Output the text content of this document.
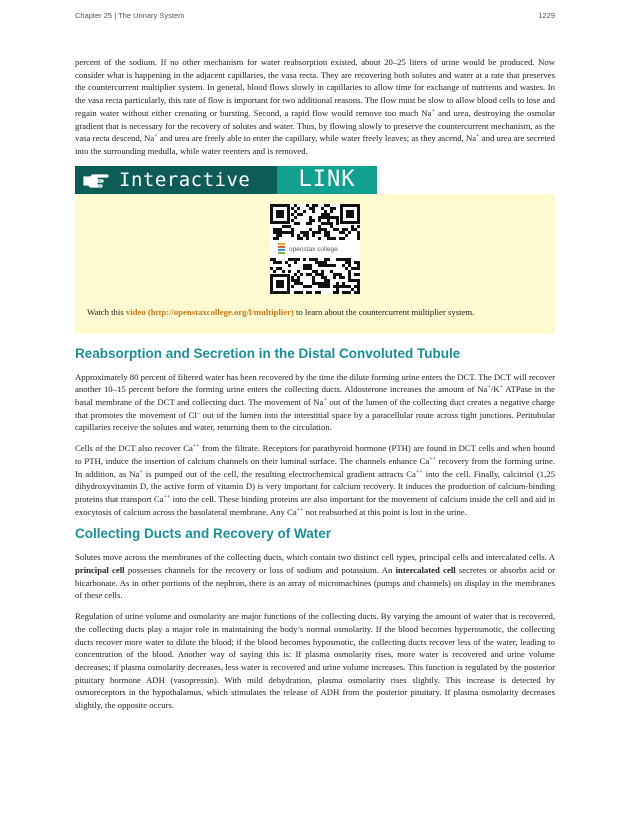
Chapter 25 | The Urinary System	1229

percent of the sodium. If no other mechanism for water reabsorption existed, about 20–25 liters of urine would be produced. Now consider what is happening in the adjacent capillaries, the vasa recta. They are recovering both solutes and water at a rate that preserves the countercurrent multiplier system. In general, blood flows slowly in capillaries to allow time for exchange of nutrients and wastes. In the vasa recta particularly, this rate of flow is important for two additional reasons. The flow must be slow to allow blood cells to lose and regain water without either crenating or bursting. Second, a rapid flow would remove too much Na+ and urea, destroying the osmolar gradient that is necessary for the recovery of solutes and water. Thus, by flowing slowly to preserve the countercurrent mechanism, as the vasa recta descend, Na+ and urea are freely able to enter the capillary, while water freely leaves; as they ascend, Na+ and urea are secreted into the surrounding medulla, while water reenters and is removed.

Interactive	LINK
openstax college
Watch this video (http://openstaxcollege.org/l/multiplier) to learn about the countercurrent multiplier system.
Reabsorption and Secretion in the Distal Convoluted Tubule

Approximately 80 percent of filtered water has been recovered by the time the dilute forming urine enters the DCT. The DCT will recover another 10–15 percent before the forming urine enters the collecting ducts. Aldosterone increases the amount of Na+/K+ ATPase in the basal membrane of the DCT and collecting duct. The movement of Na+ out of the lumen of the collecting duct creates a negative charge that promotes the movement of Cl– out of the lumen into the interstitial space by a paracellular route across tight junctions. Peritubular capillaries receive the solutes and water, returning them to the circulation.

Cells of the DCT also recover Ca++ from the filtrate. Receptors for parathyroid hormone (PTH) are found in DCT cells and when bound to PTH, induce the insertion of calcium channels on their luminal surface. The channels enhance Ca++ recovery from the forming urine. In addition, as Na+ is pumped out of the cell, the resulting electrochemical gradient attracts Ca++ into the cell. Finally, calcitriol (1,25 dihydroxyvitamin D, the active form of vitamin D) is very important for calcium recovery. It induces the production of calcium-binding proteins that transport Ca++ into the cell. These binding proteins are also important for the movement of calcium inside the cell and aid in exocytosis of calcium across the basolateral membrane. Any Ca++ not reabsorbed at this point is lost in the urine.

Collecting Ducts and Recovery of Water

Solutes move across the membranes of the collecting ducts, which contain two distinct cell types, principal cells and intercalated cells. A principal cell possesses channels for the recovery or loss of sodium and potassium. An intercalated cell secretes or absorbs acid or bicarbonate. As in other portions of the nephron, there is an array of micromachines (pumps and channels) on display in the membranes of these cells.

Regulation of urine volume and osmolarity are major functions of the collecting ducts. By varying the amount of water that is recovered, the collecting ducts play a major role in maintaining the body’s normal osmolarity. If the blood becomes hyperosmotic, the collecting ducts recover more water to dilute the blood; if the blood becomes hyposmotic, the collecting ducts recover less of the water, leading to concentration of the blood. Another way of saying this is: If plasma osmolarity rises, more water is recovered and urine volume decreases; if plasma osmolarity decreases, less water is recovered and urine volume increases. This function is regulated by the posterior pituitary hormone ADH (vasopressin). With mild dehydration, plasma osmolarity rises slightly. This increase is detected by osmoreceptors in the hypothalamus, which stimulates the release of ADH from the posterior pituitary. If plasma osmolarity decreases slightly, the opposite occurs.
